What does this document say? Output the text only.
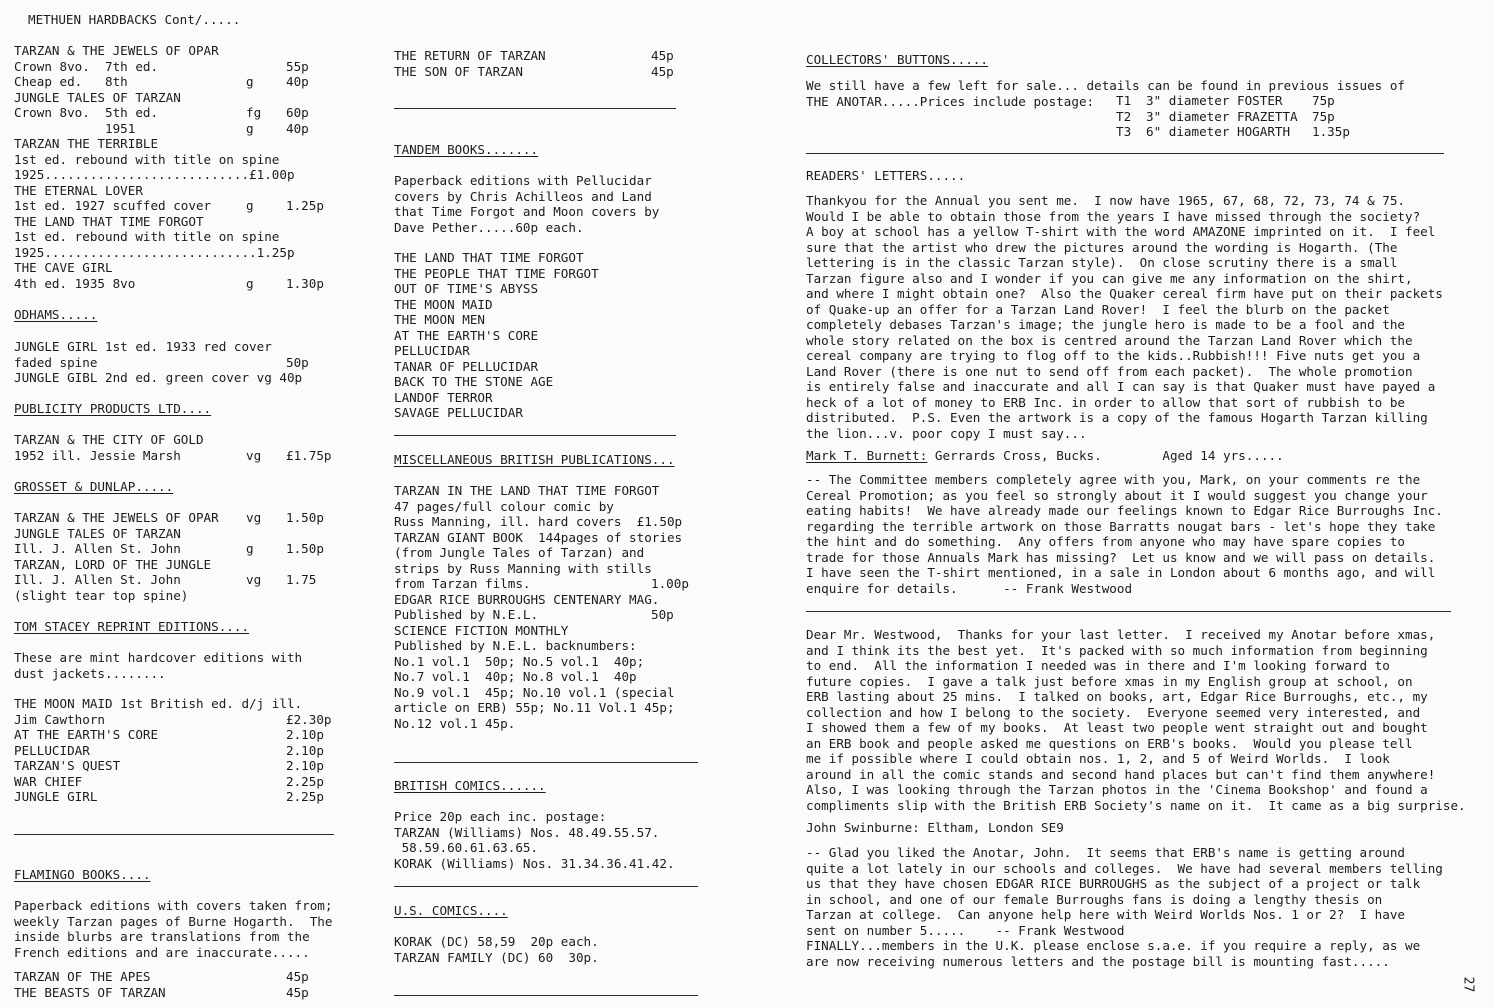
METHUEN HARDBACKS Cont/.....
TARZAN & THE JEWELS OF OPAR
Crown 8vo.  7th ed.	55p
Cheap ed.   8th	g	40p
JUNGLE TALES OF TARZAN
Crown 8vo.  5th ed.	fg 60p
1951	g	40p
TARZAN THE TERRIBLE
1st ed. rebound with title on spine
1925...........................£1.00p
THE ETERNAL LOVER
1st ed. 1927 scuffed cover	g	1.25p
THE LAND THAT TIME FORGOT
1st ed. rebound with title on spine
1925............................1.25p
THE CAVE GIRL
4th ed. 1935 8vo	g	1.30p
ODHAMS.....
JUNGLE GIRL 1st ed. 1933 red cover
faded spine	50p
JUNGLE GIBL 2nd ed. green cover vg 40p
PUBLICITY PRODUCTS LTD....
TARZAN & THE CITY OF GOLD
1952 ill. Jessie Marsh	vg £1.75p
GROSSET & DUNLAP.....
TARZAN & THE JEWELS OF OPAR vg 1.50p
JUNGLE TALES OF TARZAN
Ill. J. Allen St. John	g	1.50p
TARZAN, LORD OF THE JUNGLE
Ill. J. Allen St. John	vg 1.75
(slight tear top spine)
TOM STACEY REPRINT EDITIONS....
These are mint hardcover editions with
dust jackets........
THE MOON MAID 1st British ed. d/j ill.
Jim Cawthorn	£2.30p
AT THE EARTH'S CORE	2.10p
PELLUCIDAR	2.10p
TARZAN'S QUEST	2.10p
WAR CHIEF	2.25p
JUNGLE GIRL	2.25p
FLAMINGO BOOKS....
Paperback editions with covers taken from;
weekly Tarzan pages of Burne Hogarth.  The
inside blurbs are translations from the
French editions and are inaccurate.....
TARZAN OF THE APES	45p
THE BEASTS OF TARZAN	45p
THE RETURN OF TARZAN	45p
THE SON OF TARZAN	45p
TANDEM BOOKS.......
Paperback editions with Pellucidar
covers by Chris Achilleos and Land
that Time Forgot and Moon covers by
Dave Pether.....60p each.
THE LAND THAT TIME FORGOT
THE PEOPLE THAT TIME FORGOT
OUT OF TIME'S ABYSS
THE MOON MAID
THE MOON MEN
AT THE EARTH'S CORE
PELLUCIDAR
TANAR OF PELLUCIDAR
BACK TO THE STONE AGE
LANDOF TERROR
SAVAGE PELLUCIDAR
MISCELLANEOUS BRITISH PUBLICATIONS...
TARZAN IN THE LAND THAT TIME FORGOT
47 pages/full colour comic by
Russ Manning, ill. hard covers  £1.50p
TARZAN GIANT BOOK  144pages of stories
(from Jungle Tales of Tarzan) and
strips by Russ Manning with stills
from Tarzan films.	1.00p
EDGAR RICE BURROUGHS CENTENARY MAG.
Published by N.E.L.	50p
SCIENCE FICTION MONTHLY
Published by N.E.L. backnumbers:
No.1 vol.1  50p; No.5 vol.1  40p;
No.7 vol.1  40p; No.8 vol.1  40p
No.9 vol.1  45p; No.10 vol.1 (special
article on ERB) 55p; No.11 Vol.1 45p;
No.12 vol.1 45p.
BRITISH COMICS......
Price 20p each inc. postage:
TARZAN (Williams) Nos. 48.49.55.57.
58.59.60.61.63.65.
KORAK (Williams) Nos. 31.34.36.41.42.
U.S. COMICS....
KORAK (DC) 58,59  20p each.
TARZAN FAMILY (DC) 60  30p.
COLLECTORS' BUTTONS.....
We still have a few left for sale... details can be found in previous issues of
THE ANOTAR.....Prices include postage:	T1 3" diameter FOSTER 75p
T2 3" diameter FRAZETTA 75p
T3 6" diameter HOGARTH 1.35p
READERS' LETTERS.....
Thankyou for the Annual you sent me.  I now have 1965, 67, 68, 72, 73, 74 & 75.
Would I be able to obtain those from the years I have missed through the society?
A boy at school has a yellow T-shirt with the word AMAZONE imprinted on it.  I feel
sure that the artist who drew the pictures around the wording is Hogarth. (The
lettering is in the classic Tarzan style).  On close scrutiny there is a small
Tarzan figure also and I wonder if you can give me any information on the shirt,
and where I might obtain one?  Also the Quaker cereal firm have put on their packets
of Quake-up an offer for a Tarzan Land Rover!  I feel the blurb on the packet
completely debases Tarzan's image; the jungle hero is made to be a fool and the
whole story related on the box is centred around the Tarzan Land Rover which the
cereal company are trying to flog off to the kids..Rubbish!!! Five nuts get you a
Land Rover (there is one nut to send off from each packet).  The whole promotion
is entirely false and inaccurate and all I can say is that Quaker must have payed a
heck of a lot of money to ERB Inc. in order to allow that sort of rubbish to be
distributed.  P.S. Even the artwork is a copy of the famous Hogarth Tarzan killing
the lion...v. poor copy I must say...
Mark T. Burnett: Gerrards Cross, Bucks.        Aged 14 yrs.....
-- The Committee members completely agree with you, Mark, on your comments re the
Cereal Promotion; as you feel so strongly about it I would suggest you change your
eating habits!  We have already made our feelings known to Edgar Rice Burroughs Inc.
regarding the terrible artwork on those Barratts nougat bars - let's hope they take
the hint and do something.  Any offers from anyone who may have spare copies to
trade for those Annuals Mark has missing?  Let us know and we will pass on details.
I have seen the T-shirt mentioned, in a sale in London about 6 months ago, and will
enquire for details.      -- Frank Westwood
Dear Mr. Westwood,  Thanks for your last letter.  I received my Anotar before xmas,
and I think its the best yet.  It's packed with so much information from beginning
to end.  All the information I needed was in there and I'm looking forward to
future copies.  I gave a talk just before xmas in my English group at school, on
ERB lasting about 25 mins.  I talked on books, art, Edgar Rice Burroughs, etc., my
collection and how I belong to the society.  Everyone seemed very interested, and
I showed them a few of my books.  At least two people went straight out and bought
an ERB book and people asked me questions on ERB's books.  Would you please tell
me if possible where I could obtain nos. 1, 2, and 5 of Weird Worlds.  I look
around in all the comic stands and second hand places but can't find them anywhere!
Also, I was looking through the Tarzan photos in the 'Cinema Bookshop' and found a
compliments slip with the British ERB Society's name on it.  It came as a big surprise.
John Swinburne: Eltham, London SE9
-- Glad you liked the Anotar, John.  It seems that ERB's name is getting around
quite a lot lately in our schools and colleges.  We have had several members telling
us that they have chosen EDGAR RICE BURROUGHS as the subject of a project or talk
in school, and one of our female Burroughs fans is doing a lengthy thesis on
Tarzan at college.  Can anyone help here with Weird Worlds Nos. 1 or 2?  I have
sent on number 5.....    -- Frank Westwood
FINALLY...members in the U.K. please enclose s.a.e. if you require a reply, as we
are now receiving numerous letters and the postage bill is mounting fast.....
27
